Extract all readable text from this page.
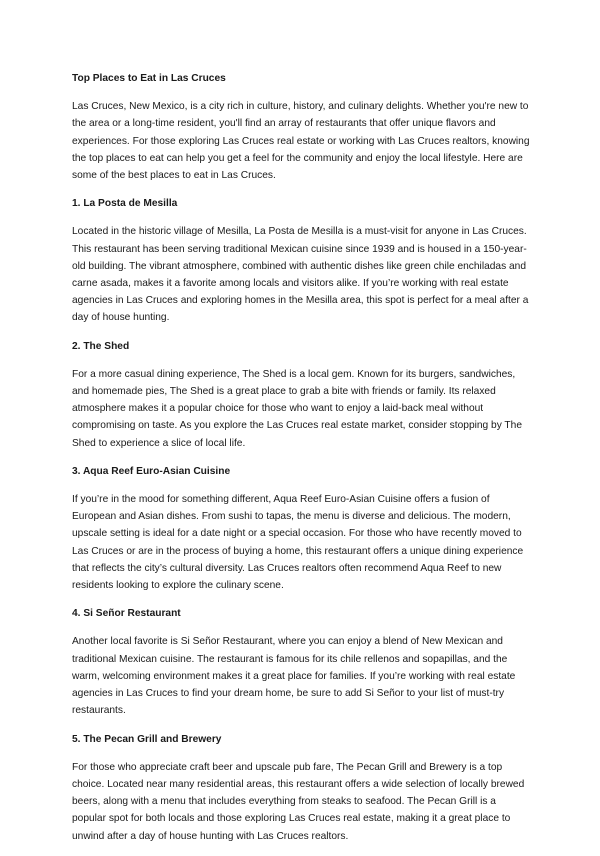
Top Places to Eat in Las Cruces

Las Cruces, New Mexico, is a city rich in culture, history, and culinary delights. Whether you're new to the area or a long-time resident, you'll find an array of restaurants that offer unique flavors and experiences. For those exploring Las Cruces real estate or working with Las Cruces realtors, knowing the top places to eat can help you get a feel for the community and enjoy the local lifestyle. Here are some of the best places to eat in Las Cruces.

1. La Posta de Mesilla

Located in the historic village of Mesilla, La Posta de Mesilla is a must-visit for anyone in Las Cruces. This restaurant has been serving traditional Mexican cuisine since 1939 and is housed in a 150-year-old building. The vibrant atmosphere, combined with authentic dishes like green chile enchiladas and carne asada, makes it a favorite among locals and visitors alike. If you’re working with real estate agencies in Las Cruces and exploring homes in the Mesilla area, this spot is perfect for a meal after a day of house hunting.

2. The Shed

For a more casual dining experience, The Shed is a local gem. Known for its burgers, sandwiches, and homemade pies, The Shed is a great place to grab a bite with friends or family. Its relaxed atmosphere makes it a popular choice for those who want to enjoy a laid-back meal without compromising on taste. As you explore the Las Cruces real estate market, consider stopping by The Shed to experience a slice of local life.

3. Aqua Reef Euro-Asian Cuisine

If you’re in the mood for something different, Aqua Reef Euro-Asian Cuisine offers a fusion of European and Asian dishes. From sushi to tapas, the menu is diverse and delicious. The modern, upscale setting is ideal for a date night or a special occasion. For those who have recently moved to Las Cruces or are in the process of buying a home, this restaurant offers a unique dining experience that reflects the city’s cultural diversity. Las Cruces realtors often recommend Aqua Reef to new residents looking to explore the culinary scene.

4. Si Señor Restaurant

Another local favorite is Si Señor Restaurant, where you can enjoy a blend of New Mexican and traditional Mexican cuisine. The restaurant is famous for its chile rellenos and sopapillas, and the warm, welcoming environment makes it a great place for families. If you’re working with real estate agencies in Las Cruces to find your dream home, be sure to add Si Señor to your list of must-try restaurants.

5. The Pecan Grill and Brewery

For those who appreciate craft beer and upscale pub fare, The Pecan Grill and Brewery is a top choice. Located near many residential areas, this restaurant offers a wide selection of locally brewed beers, along with a menu that includes everything from steaks to seafood. The Pecan Grill is a popular spot for both locals and those exploring Las Cruces real estate, making it a great place to unwind after a day of house hunting with Las Cruces realtors.
